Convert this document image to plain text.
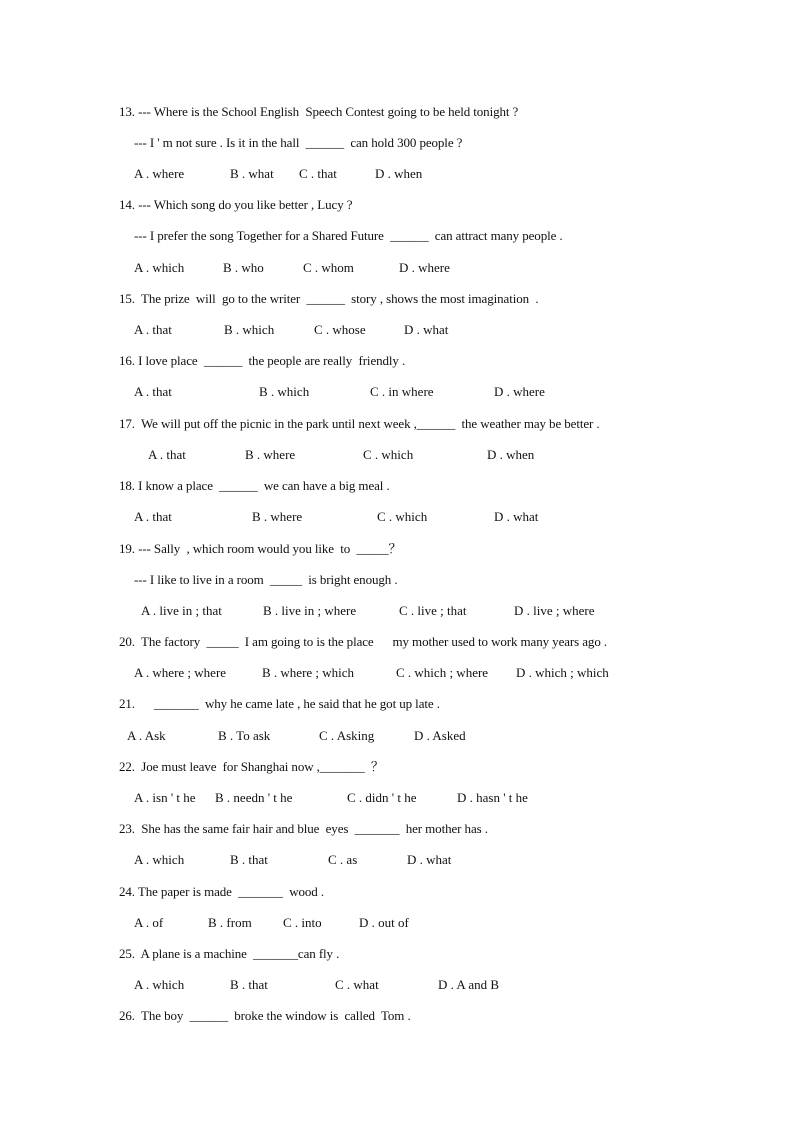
13. --- Where is the School English  Speech Contest going to be held tonight ?
--- I ' m not sure . Is it in the hall  ______  can hold 300 people ?
A . where	B . what C . that	D . when
14. --- Which song do you like better , Lucy ?
--- I prefer the song Together for a Shared Future  ______  can attract many people .
A . which	B . who	C . whom	D . where
15.  The prize  will  go to the writer  ______  story , shows the most imagination  .
A . that	B . which	C . whose	D . what
16. I love place  ______  the people are really  friendly .
A . that	B . which	C . in where	D . where
17.  We will put off the picnic in the park until next week ,______  the weather may be better .
A . that	B . where	C . which	D . when
18. I know a place  ______  we can have a big meal .
A . that	B . where	C . which	D . what
19. --- Sally  , which room would you like  to  _____？
--- I like to live in a room  _____  is bright enough .
A . live in ; that	B . live in ; where	C . live ; that	D . live ; where
20.  The factory  _____  I am going to is the place      my mother used to work many years ago .
A . where ; where	B . where ; which	C . which ; where D . which ; which
21.      _______  why he came late , he said that he got up late .
A . Ask	B . To ask	C . Asking	D . Asked
22.  Joe must leave  for Shanghai now ,_______  ？
A . isn ' t he B . needn ' t he	C . didn ' t he	D . hasn ' t he
23.  She has the same fair hair and blue  eyes  _______  her mother has .
A . which	B . that	C . as	D . what
24. The paper is made  _______  wood .
A . of	B . from C . into	D . out of
25.  A plane is a machine  _______can fly .
A . which	B . that	C . what	D . A and B
26.  The boy  ______  broke the window is  called  Tom .
